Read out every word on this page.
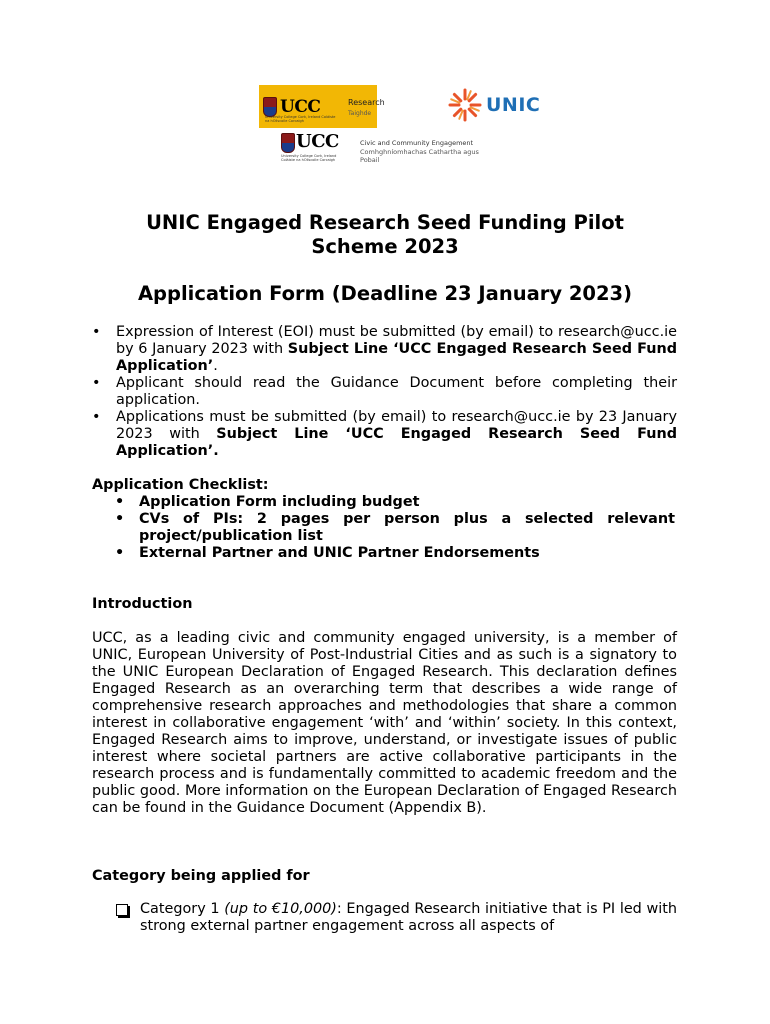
UCC	Research
Taighde
University College Cork, Ireland Coláiste na hOllscoile Corcaigh
UNIC
UCC
University College Cork, Ireland Coláiste na hOllscoile Corcaigh
Civic and Community Engagement
Comhghníomhachas Cathartha agus Pobail
UNIC Engaged Research Seed Funding Pilot
Scheme 2023
Application Form (Deadline 23 January 2023)
• Expression of Interest (EOI) must be submitted (by email) to research@ucc.ie by 6 January 2023 with Subject Line ‘UCC Engaged Research Seed Fund Application’.
• Applicant should read the Guidance Document before completing their application.
• Applications must be submitted (by email) to research@ucc.ie by 23 January 2023 with Subject Line ‘UCC Engaged Research Seed Fund Application’.
Application Checklist:
• Application Form including budget
• CVs of PIs: 2 pages per person plus a selected relevant project/publication list
• External Partner and UNIC Partner Endorsements
Introduction

UCC, as a leading civic and community engaged university, is a member of UNIC, European University of Post-Industrial Cities and as such is a signatory to the UNIC European Declaration of Engaged Research. This declaration defines Engaged Research as an overarching term that describes a wide range of comprehensive research approaches and methodologies that share a common interest in collaborative engagement ‘with’ and ‘within’ society. In this context, Engaged Research aims to improve, understand, or investigate issues of public interest where societal partners are active collaborative participants in the research process and is fundamentally committed to academic freedom and the public good. More information on the European Declaration of Engaged Research can be found in the Guidance Document (Appendix B).

Category being applied for
Category 1 (up to €10,000): Engaged Research initiative that is PI led with strong external partner engagement across all aspects of
